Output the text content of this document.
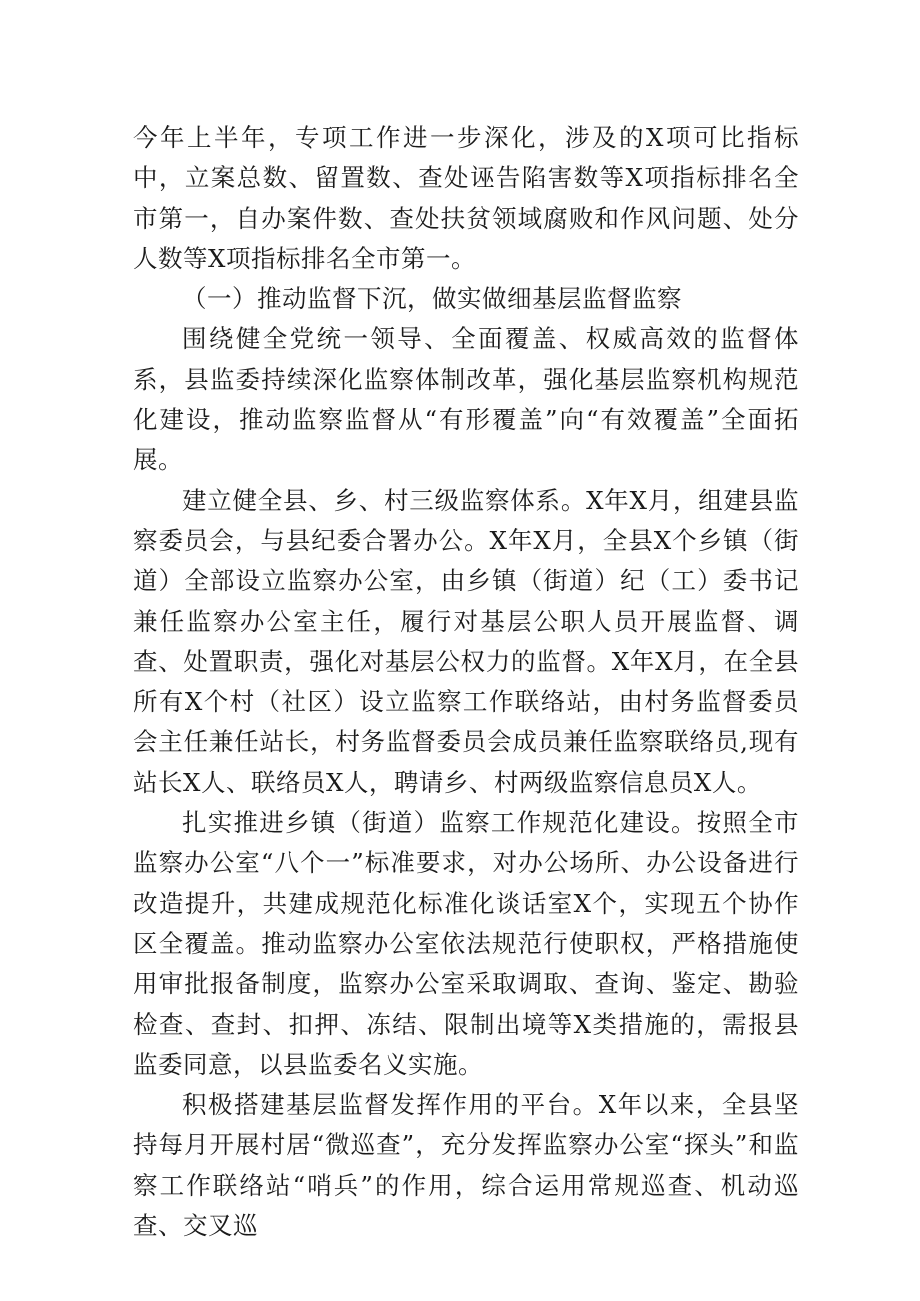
今年上半年，专项工作进一步深化，涉及的X项可比指标中，立案总数、留置数、查处诬告陷害数等X项指标排名全市第一，自办案件数、查处扶贫领域腐败和作风问题、处分人数等X项指标排名全市第一。

（一）推动监督下沉，做实做细基层监督监察

围绕健全党统一领导、全面覆盖、权威高效的监督体系，县监委持续深化监察体制改革，强化基层监察机构规范化建设，推动监察监督从“有形覆盖”向“有效覆盖”全面拓展。

建立健全县、乡、村三级监察体系。X年X月，组建县监察委员会，与县纪委合署办公。X年X月，全县X个乡镇（街道）全部设立监察办公室，由乡镇（街道）纪（工）委书记兼任监察办公室主任，履行对基层公职人员开展监督、调查、处置职责，强化对基层公权力的监督。X年X月，在全县所有X个村（社区）设立监察工作联络站，由村务监督委员会主任兼任站长，村务监督委员会成员兼任监察联络员,现有站长X人、联络员X人，聘请乡、村两级监察信息员X人。

扎实推进乡镇（街道）监察工作规范化建设。按照全市监察办公室“八个一”标准要求，对办公场所、办公设备进行改造提升，共建成规范化标准化谈话室X个，实现五个协作区全覆盖。推动监察办公室依法规范行使职权，严格措施使用审批报备制度，监察办公室采取调取、查询、鉴定、勘验检查、查封、扣押、冻结、限制出境等X类措施的，需报县监委同意，以县监委名义实施。

积极搭建基层监督发挥作用的平台。X年以来，全县坚持每月开展村居“微巡查”，充分发挥监察办公室“探头”和监察工作联络站“哨兵”的作用，综合运用常规巡查、机动巡查、交叉巡
